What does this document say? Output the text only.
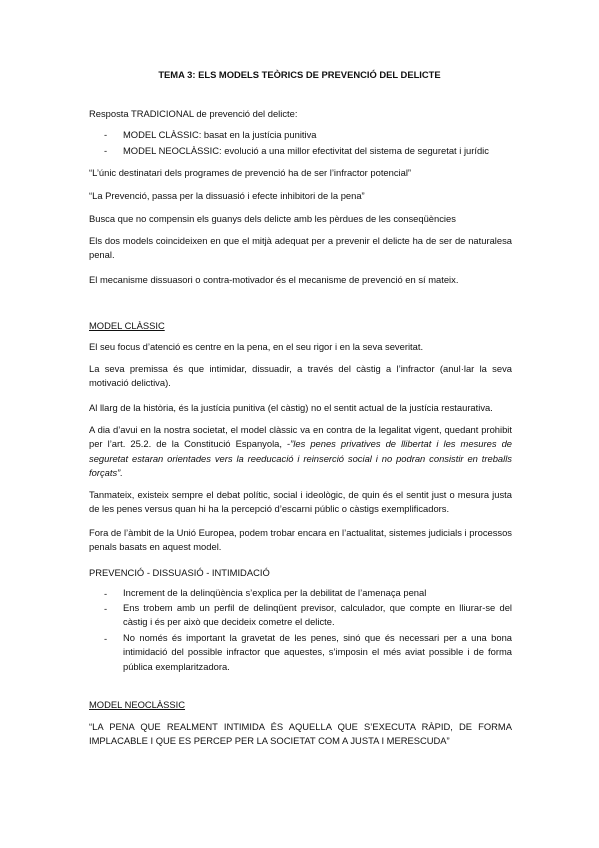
TEMA 3: ELS MODELS TEÒRICS DE PREVENCIÓ DEL DELICTE
Resposta TRADICIONAL de prevenció del delicte:
- MODEL CLÀSSIC: basat en la justícia punitiva
- MODEL NEOCLÀSSIC: evolució a una millor efectivitat del sistema de seguretat i jurídic
“L’únic destinatari dels programes de prevenció ha de ser l’infractor potencial”
“La Prevenció, passa per la dissuasió i efecte inhibitori de la pena”
Busca que no compensin els guanys dels delicte amb les pèrdues de les conseqüències
Els dos models coincideixen en que el mitjà adequat per a prevenir el delicte ha de ser de naturalesa penal.
El mecanisme dissuasori o contra-motivador és el mecanisme de prevenció en sí mateix.
MODEL CLÀSSIC
El seu focus d’atenció es centre en la pena, en el seu rigor i en la seva severitat.
La seva premissa és que intimidar, dissuadir, a través del càstig a l’infractor (anul·lar la seva motivació delictiva).
Al llarg de la història, és la justícia punitiva (el càstig) no el sentit actual de la justícia restaurativa.
A dia d’avui en la nostra societat, el model clàssic va en contra de la legalitat vigent, quedant prohibit per l’art. 25.2. de la Constitució Espanyola, -”les penes privatives de llibertat i les mesures de seguretat estaran orientades vers la reeducació i reinserció social i no podran consistir en treballs forçats”.
Tanmateix, existeix sempre el debat polític, social i ideològic, de quin és el sentit just o mesura justa de les penes versus quan hi ha la percepció d’escarni públic o càstigs exemplificadors.
Fora de l’àmbit de la Unió Europea, podem trobar encara en l’actualitat, sistemes judicials i processos penals basats en aquest model.
PREVENCIÓ - DISSUASIÓ - INTIMIDACIÓ
- Increment de la delinqüència s’explica per la debilitat de l’amenaça penal
- Ens trobem amb un perfil de delinqüent previsor, calculador, que compte en lliurar-se del càstig i és per això que decideix cometre el delicte.
- No només és important la gravetat de les penes, sinó que és necessari per a una bona intimidació del possible infractor que aquestes, s’imposin el més aviat possible i de forma pública exemplaritzadora.
MODEL NEOCLÀSSIC
“LA PENA QUE REALMENT INTIMIDA ÉS AQUELLA QUE S’EXECUTA RÀPID, DE FORMA IMPLACABLE I QUE ES PERCEP PER LA SOCIETAT COM A JUSTA I MERESCUDA”
